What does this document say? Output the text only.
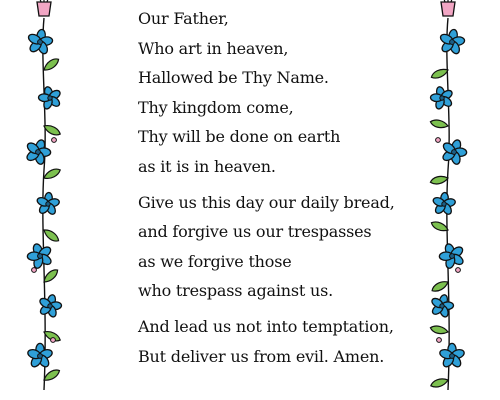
Our Father,
Who art in heaven,
Hallowed be Thy Name.
Thy kingdom come,
Thy will be done on earth
as it is in heaven.

Give us this day our daily bread,
and forgive us our trespasses
as we forgive those
who trespass against us.

And lead us not into temptation,
But deliver us from evil. Amen.
